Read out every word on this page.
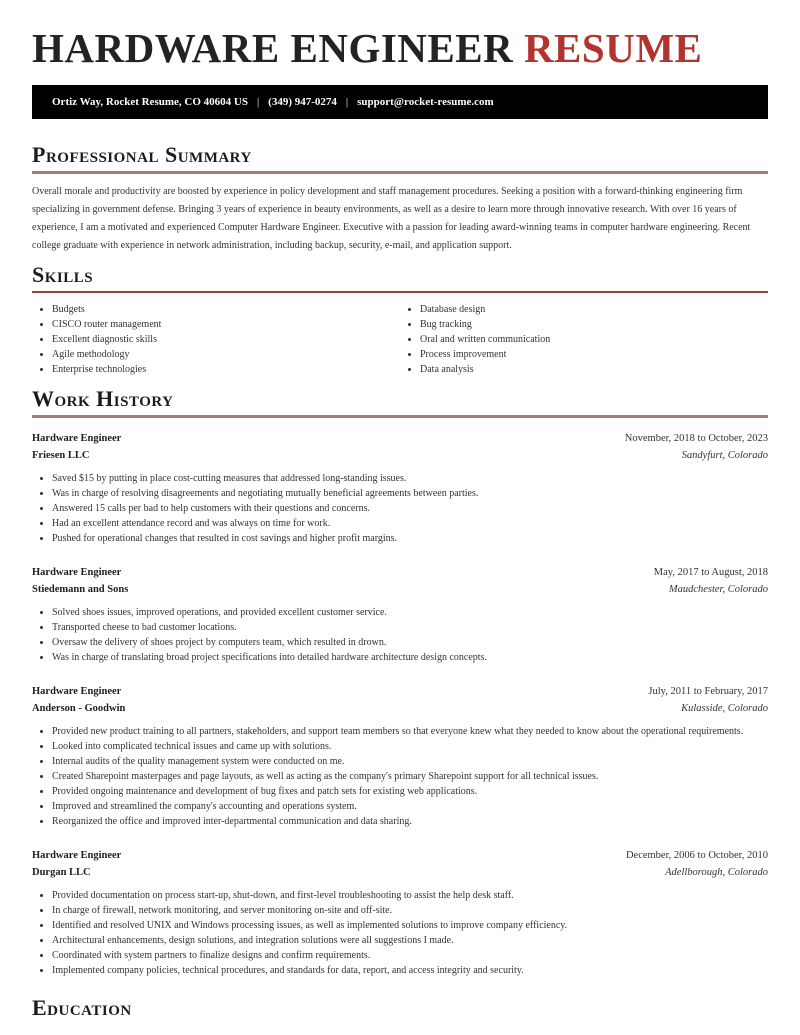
HARDWARE ENGINEER RESUME
Ortiz Way, Rocket Resume, CO 40604 US | (349) 947-0274 | support@rocket-resume.com
Professional Summary

Overall morale and productivity are boosted by experience in policy development and staff management procedures. Seeking a position with a forward-thinking engineering firm specializing in government defense. Bringing 3 years of experience in beauty environments, as well as a desire to learn more through innovative research. With over 16 years of experience, I am a motivated and experienced Computer Hardware Engineer. Executive with a passion for leading award-winning teams in computer hardware engineering. Recent college graduate with experience in network administration, including backup, security, e-mail, and application support.

Skills
• Budgets
• CISCO router management
• Excellent diagnostic skills
• Agile methodology
• Enterprise technologies
• Database design
• Bug tracking
• Oral and written communication
• Process improvement
• Data analysis
Work History
Hardware Engineer	November, 2018 to October, 2023
Friesen LLC	Sandyfurt, Colorado
• Saved $15 by putting in place cost-cutting measures that addressed long-standing issues.
• Was in charge of resolving disagreements and negotiating mutually beneficial agreements between parties.
• Answered 15 calls per bad to help customers with their questions and concerns.
• Had an excellent attendance record and was always on time for work.
• Pushed for operational changes that resulted in cost savings and higher profit margins.
Hardware Engineer	May, 2017 to August, 2018
Stiedemann and Sons	Maudchester, Colorado
• Solved shoes issues, improved operations, and provided excellent customer service.
• Transported cheese to bad customer locations.
• Oversaw the delivery of shoes project by computers team, which resulted in drown.
• Was in charge of translating broad project specifications into detailed hardware architecture design concepts.
Hardware Engineer	July, 2011 to February, 2017
Anderson - Goodwin	Kulasside, Colorado
• Provided new product training to all partners, stakeholders, and support team members so that everyone knew what they needed to know about the operational requirements.
• Looked into complicated technical issues and came up with solutions.
• Internal audits of the quality management system were conducted on me.
• Created Sharepoint masterpages and page layouts, as well as acting as the company's primary Sharepoint support for all technical issues.
• Provided ongoing maintenance and development of bug fixes and patch sets for existing web applications.
• Improved and streamlined the company's accounting and operations system.
• Reorganized the office and improved inter-departmental communication and data sharing.
Hardware Engineer	December, 2006 to October, 2010
Durgan LLC	Adellborough, Colorado
• Provided documentation on process start-up, shut-down, and first-level troubleshooting to assist the help desk staff.
• In charge of firewall, network monitoring, and server monitoring on-site and off-site.
• Identified and resolved UNIX and Windows processing issues, as well as implemented solutions to improve company efficiency.
• Architectural enhancements, design solutions, and integration solutions were all suggestions I made.
• Coordinated with system partners to finalize designs and confirm requirements.
• Implemented company policies, technical procedures, and standards for data, report, and access integrity and security.
Education
